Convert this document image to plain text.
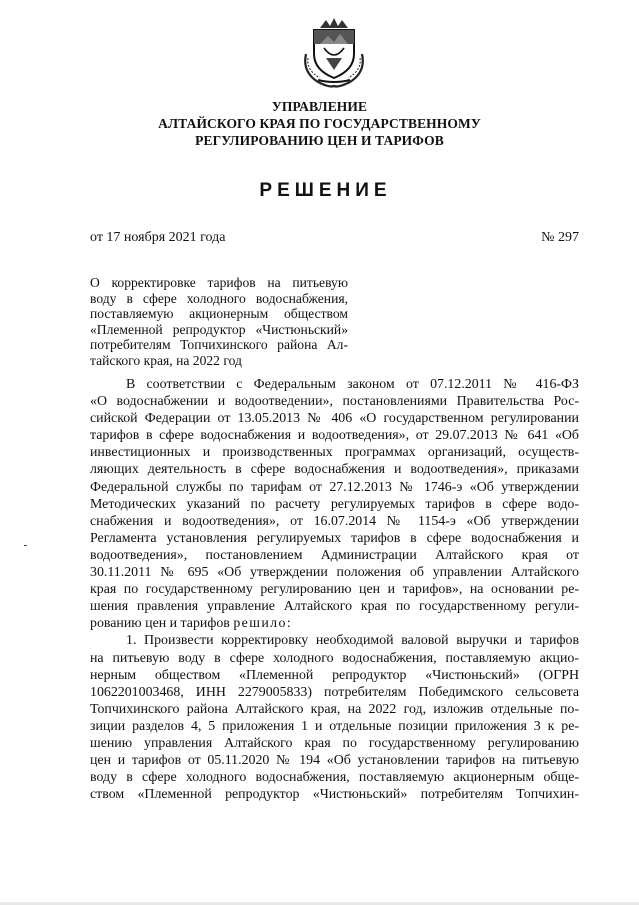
УПРАВЛЕНИЕ
АЛТАЙСКОГО КРАЯ ПО ГОСУДАРСТВЕННОМУ
РЕГУЛИРОВАНИЮ ЦЕН И ТАРИФОВ
РЕШЕНИЕ
от 17 ноября 2021 года	№ 297
О корректировке тарифов на питьевую
воду в сфере холодного водоснабжения,
поставляемую акционерным обществом
«Племенной репродуктор «Чистюньский»
потребителям Топчихинского района Ал-
тайского края, на 2022 год
В соответствии с Федеральным законом от 07.12.2011 № 416-ФЗ
«О водоснабжении и водоотведении», постановлениями Правительства Рос-
сийской Федерации от 13.05.2013 № 406 «О государственном регулировании
тарифов в сфере водоснабжения и водоотведения», от 29.07.2013 № 641 «Об
инвестиционных и производственных программах организаций, осуществ-
ляющих деятельность в сфере водоснабжения и водоотведения», приказами
Федеральной службы по тарифам от 27.12.2013 № 1746-э «Об утверждении
Методических указаний по расчету регулируемых тарифов в сфере водо-
снабжения и водоотведения», от 16.07.2014 № 1154-э «Об утверждении
Регламента установления регулируемых тарифов в сфере водоснабжения и
водоотведения», постановлением Администрации Алтайского края от
30.11.2011 № 695 «Об утверждении положения об управлении Алтайского
края по государственному регулированию цен и тарифов», на основании ре-
шения правления управление Алтайского края по государственному регули-
рованию цен и тарифов решило:
1. Произвести корректировку необходимой валовой выручки и тарифов
на питьевую воду в сфере холодного водоснабжения, поставляемую акцио-
нерным обществом «Племенной репродуктор «Чистюньский» (ОГРН
1062201003468, ИНН 2279005833) потребителям Победимского сельсовета
Топчихинского района Алтайского края, на 2022 год, изложив отдельные по-
зиции разделов 4, 5 приложения 1 и отдельные позиции приложения 3 к ре-
шению управления Алтайского края по государственному регулированию
цен и тарифов от 05.11.2020 № 194 «Об установлении тарифов на питьевую
воду в сфере холодного водоснабжения, поставляемую акционерным обще-
ством «Племенной репродуктор «Чистюньский» потребителям Топчихин-
